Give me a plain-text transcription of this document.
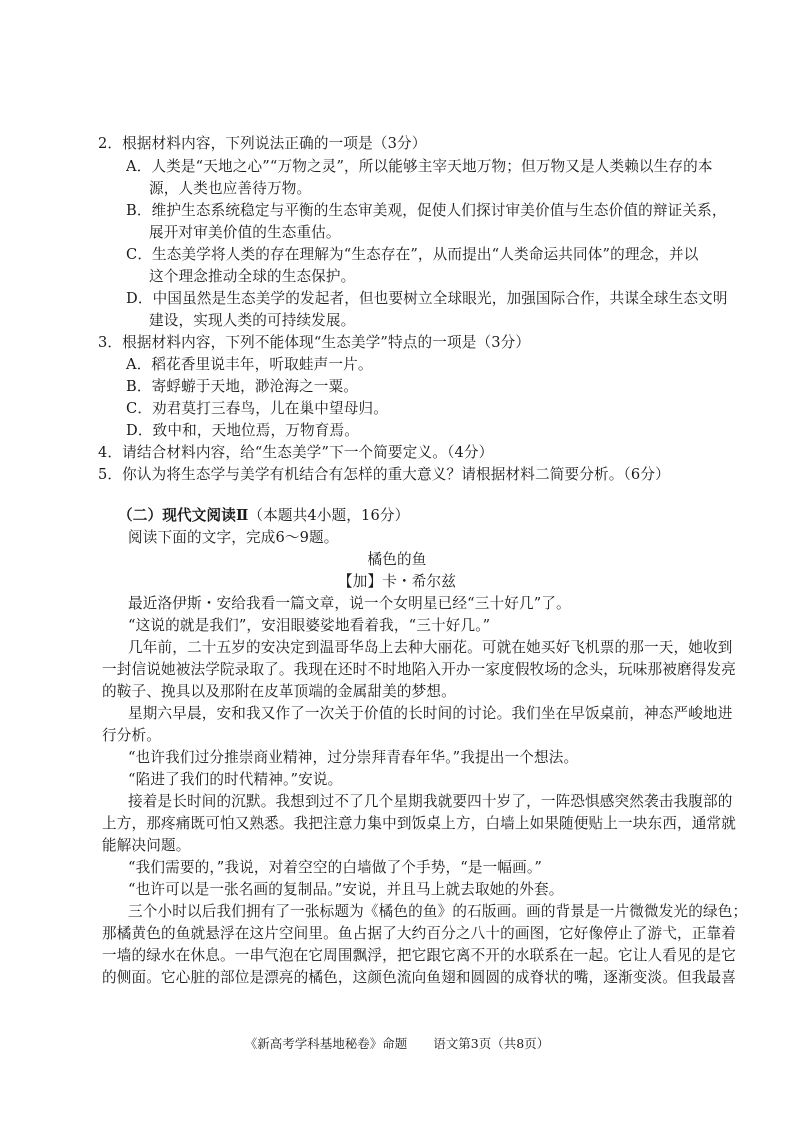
2．根据材料内容，下列说法正确的一项是（3分）
A．人类是“天地之心”“万物之灵”，所以能够主宰天地万物；但万物又是人类赖以生存的本
源，人类也应善待万物。
B．维护生态系统稳定与平衡的生态审美观，促使人们探讨审美价值与生态价值的辩证关系，
展开对审美价值的生态重估。
C．生态美学将人类的存在理解为“生态存在”，从而提出“人类命运共同体”的理念，并以
这个理念推动全球的生态保护。
D．中国虽然是生态美学的发起者，但也要树立全球眼光，加强国际合作，共谋全球生态文明
建设，实现人类的可持续发展。
3．根据材料内容，下列不能体现“生态美学”特点的一项是（3分）
A．稻花香里说丰年，听取蛙声一片。
B．寄蜉蝣于天地，渺沧海之一粟。
C．劝君莫打三春鸟，儿在巢中望母归。
D．致中和，天地位焉，万物育焉。
4．请结合材料内容，给“生态美学”下一个简要定义。（4分）
5．你认为将生态学与美学有机结合有怎样的重大意义？请根据材料二简要分析。（6分）
（二）现代文阅读Ⅱ（本题共4小题，16分）
阅读下面的文字，完成6～9题。
橘色的鱼
【加】卡・希尔兹
最近洛伊斯・安给我看一篇文章，说一个女明星已经“三十好几”了。
“这说的就是我们”，安泪眼婆娑地看着我，“三十好几。”
几年前，二十五岁的安决定到温哥华岛上去种大丽花。可就在她买好飞机票的那一天，她收到
一封信说她被法学院录取了。我现在还时不时地陷入开办一家度假牧场的念头，玩味那被磨得发亮
的鞍子、挽具以及那附在皮革顶端的金属甜美的梦想。
星期六早晨，安和我又作了一次关于价值的长时间的讨论。我们坐在早饭桌前，神态严峻地进
行分析。
“也许我们过分推崇商业精神，过分崇拜青春年华。”我提出一个想法。
“陷进了我们的时代精神。”安说。
接着是长时间的沉默。我想到过不了几个星期我就要四十岁了，一阵恐惧感突然袭击我腹部的
上方，那疼痛既可怕又熟悉。我把注意力集中到饭桌上方，白墙上如果随便贴上一块东西，通常就
能解决问题。
“我们需要的，”我说，对着空空的白墙做了个手势，“是一幅画。”
“也许可以是一张名画的复制品。”安说，并且马上就去取她的外套。
三个小时以后我们拥有了一张标题为《橘色的鱼》的石版画。画的背景是一片微微发光的绿色；
那橘黄色的鱼就悬浮在这片空间里。鱼占据了大约百分之八十的画图，它好像停止了游弋，正靠着
一墙的绿水在休息。一串气泡在它周围飘浮，把它跟它离不开的水联系在一起。它让人看见的是它
的侧面。它心脏的部位是漂亮的橘色，这颜色流向鱼翅和圆圆的成脊状的嘴，逐渐变淡。但我最喜
《新高考学科基地秘卷》命题 语文第3页（共8页）
